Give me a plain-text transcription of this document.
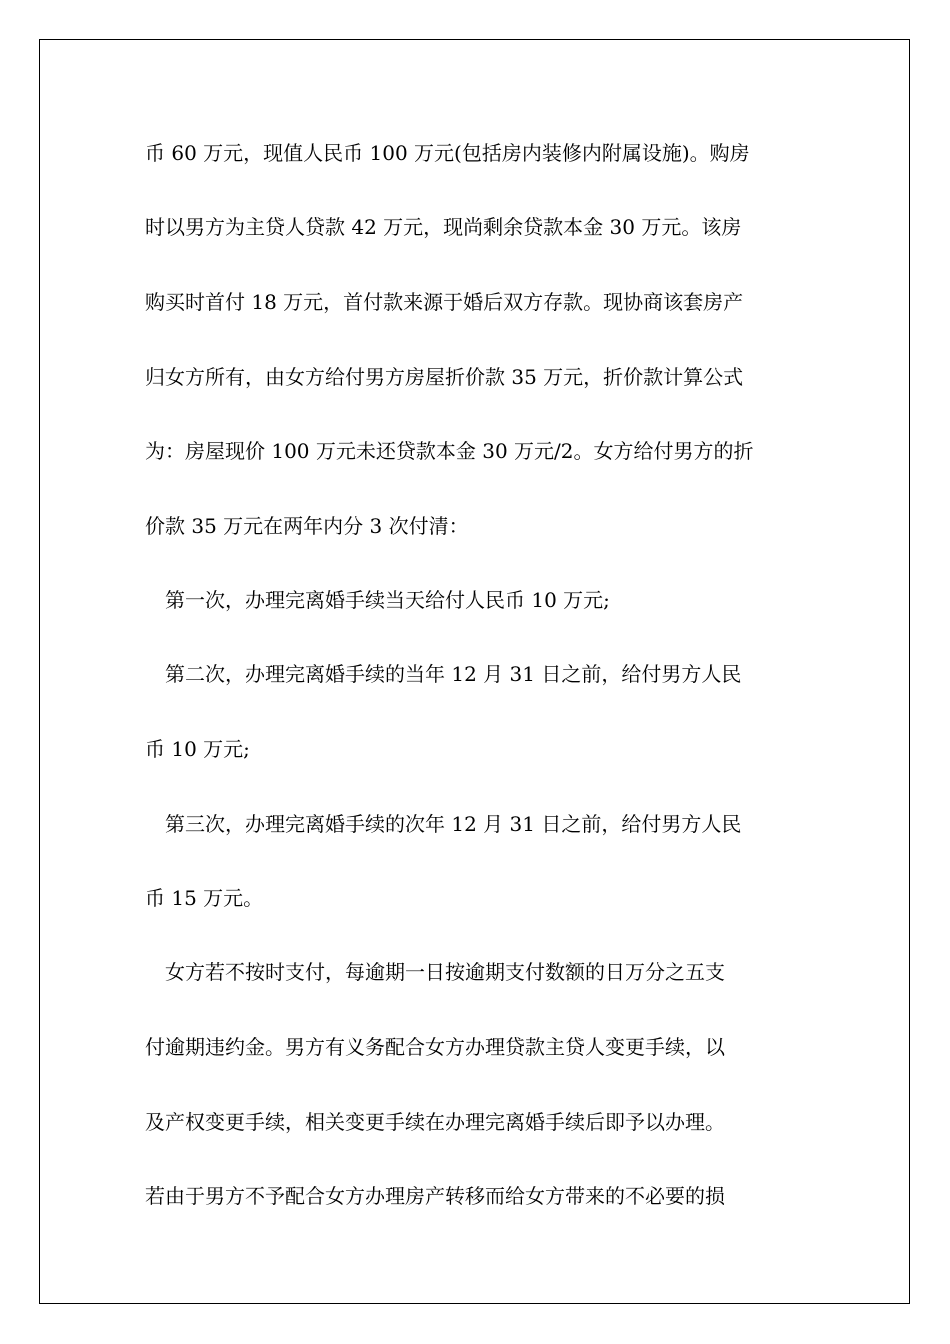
币 60 万元，现值人民币 100 万元(包括房内装修内附属设施)。购房
时以男方为主贷人贷款 42 万元，现尚剩余贷款本金 30 万元。该房
购买时首付 18 万元，首付款来源于婚后双方存款。现协商该套房产
归女方所有，由女方给付男方房屋折价款 35 万元，折价款计算公式
为：房屋现价 100 万元未还贷款本金 30 万元/2。女方给付男方的折
价款 35 万元在两年内分 3 次付清：
第一次，办理完离婚手续当天给付人民币 10 万元;
第二次，办理完离婚手续的当年 12 月 31 日之前，给付男方人民
币 10 万元;
第三次，办理完离婚手续的次年 12 月 31 日之前，给付男方人民
币 15 万元。
女方若不按时支付，每逾期一日按逾期支付数额的日万分之五支
付逾期违约金。男方有义务配合女方办理贷款主贷人变更手续，以
及产权变更手续，相关变更手续在办理完离婚手续后即予以办理。
若由于男方不予配合女方办理房产转移而给女方带来的不必要的损
